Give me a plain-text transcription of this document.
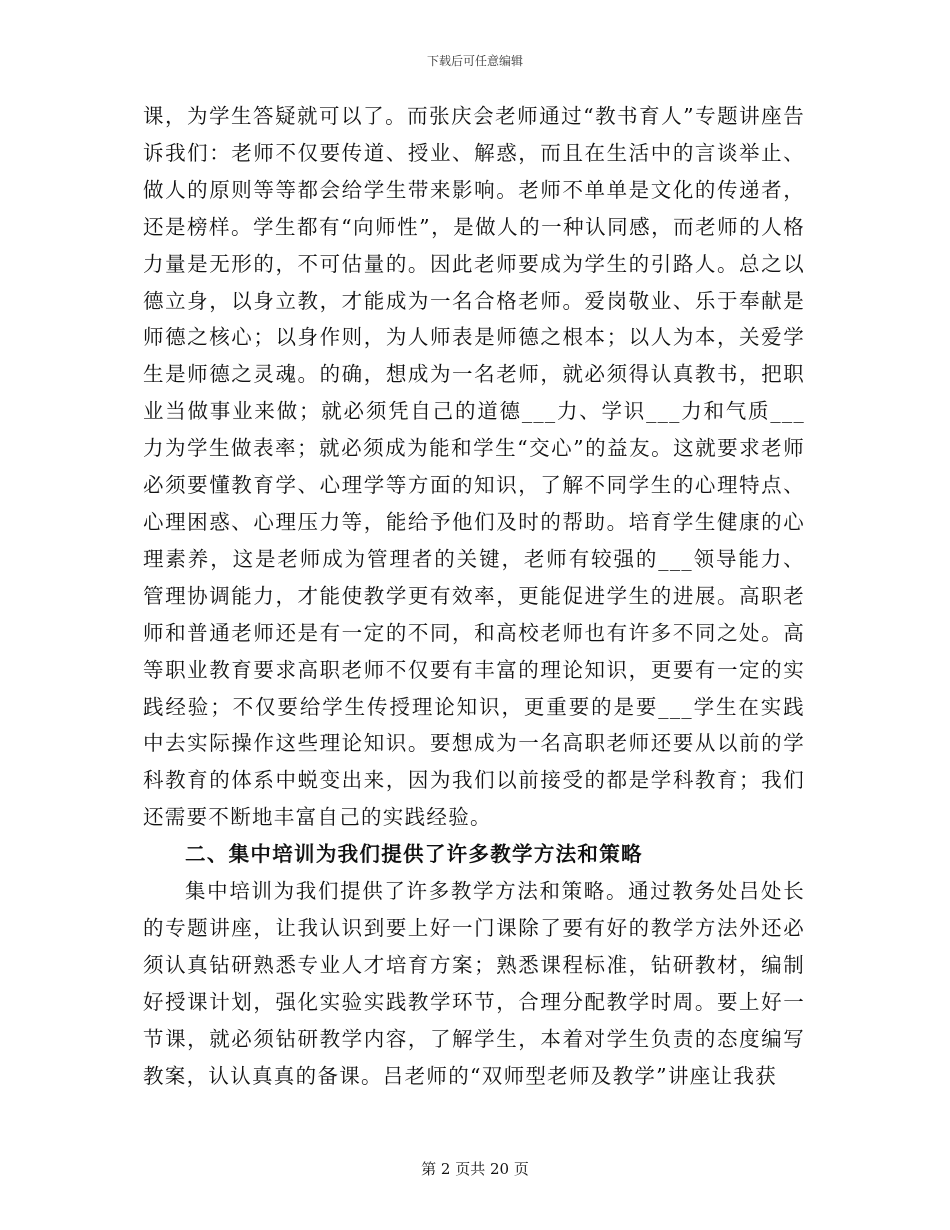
下载后可任意编辑

课，为学生答疑就可以了。而张庆会老师通过“教书育人”专题讲座告诉我们：老师不仅要传道、授业、解惑，而且在生活中的言谈举止、做人的原则等等都会给学生带来影响。老师不单单是文化的传递者，还是榜样。学生都有“向师性”，是做人的一种认同感，而老师的人格力量是无形的，不可估量的。因此老师要成为学生的引路人。总之以德立身，以身立教，才能成为一名合格老师。爱岗敬业、乐于奉献是师德之核心；以身作则，为人师表是师德之根本；以人为本，关爱学生是师德之灵魂。的确，想成为一名老师，就必须得认真教书，把职业当做事业来做；就必须凭自己的道德___力、学识___力和气质___力为学生做表率；就必须成为能和学生“交心”的益友。这就要求老师必须要懂教育学、心理学等方面的知识，了解不同学生的心理特点、心理困惑、心理压力等，能给予他们及时的帮助。培育学生健康的心理素养，这是老师成为管理者的关键，老师有较强的___领导能力、管理协调能力，才能使教学更有效率，更能促进学生的进展。高职老师和普通老师还是有一定的不同，和高校老师也有许多不同之处。高等职业教育要求高职老师不仅要有丰富的理论知识，更要有一定的实践经验；不仅要给学生传授理论知识，更重要的是要___学生在实践中去实际操作这些理论知识。要想成为一名高职老师还要从以前的学科教育的体系中蜕变出来，因为我们以前接受的都是学科教育；我们还需要不断地丰富自己的实践经验。

二、集中培训为我们提供了许多教学方法和策略

集中培训为我们提供了许多教学方法和策略。通过教务处吕处长的专题讲座，让我认识到要上好一门课除了要有好的教学方法外还必须认真钻研熟悉专业人才培育方案；熟悉课程标准，钻研教材，编制好授课计划，强化实验实践教学环节，合理分配教学时周。要上好一节课，就必须钻研教学内容，了解学生，本着对学生负责的态度编写教案，认认真真的备课。吕老师的“双师型老师及教学”讲座让我获

第 2 页共 20 页
